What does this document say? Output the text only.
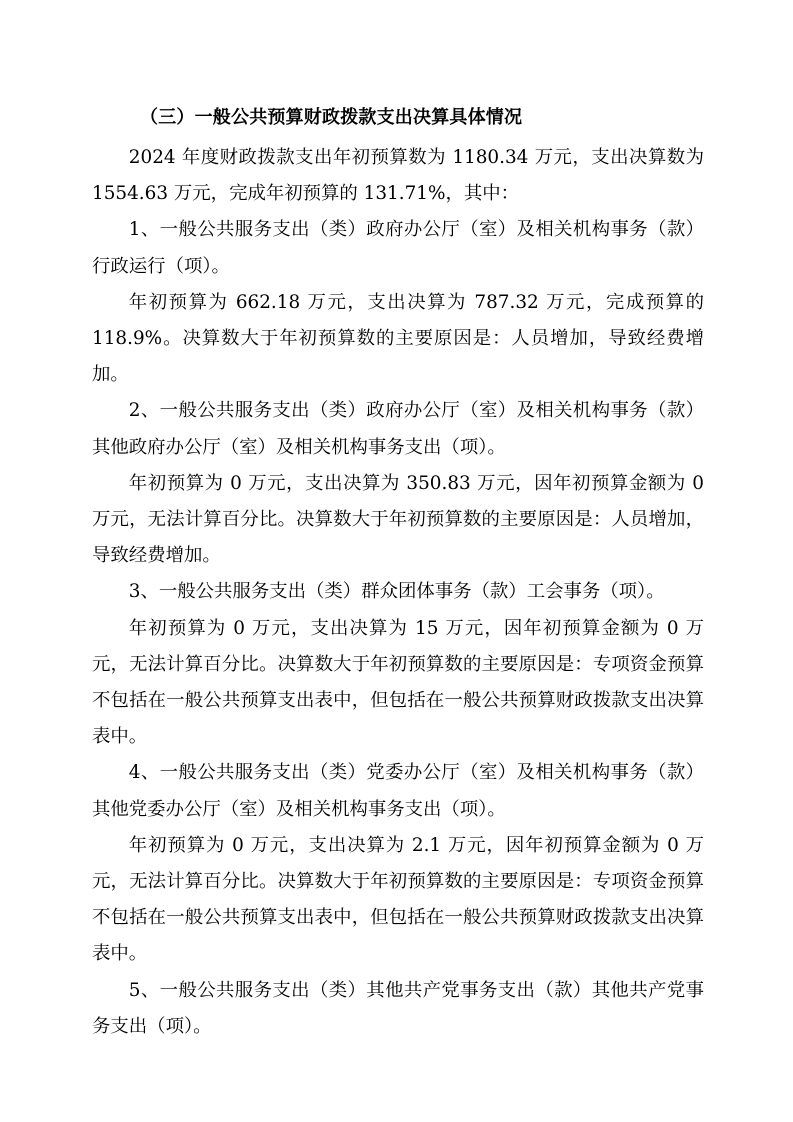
（三）一般公共预算财政拨款支出决算具体情况

2024 年度财政拨款支出年初预算数为 1180.34 万元，支出决算数为 1554.63 万元，完成年初预算的 131.71%，其中：

1、一般公共服务支出（类）政府办公厅（室）及相关机构事务（款）行政运行（项）。

年初预算为 662.18 万元，支出决算为 787.32 万元，完成预算的 118.9%。决算数大于年初预算数的主要原因是：人员增加，导致经费增加。

2、一般公共服务支出（类）政府办公厅（室）及相关机构事务（款）其他政府办公厅（室）及相关机构事务支出（项）。

年初预算为 0 万元，支出决算为 350.83 万元，因年初预算金额为 0 万元，无法计算百分比。决算数大于年初预算数的主要原因是：人员增加，导致经费增加。

3、一般公共服务支出（类）群众团体事务（款）工会事务（项）。

年初预算为 0 万元，支出决算为 15 万元，因年初预算金额为 0 万元，无法计算百分比。决算数大于年初预算数的主要原因是：专项资金预算不包括在一般公共预算支出表中，但包括在一般公共预算财政拨款支出决算表中。

4、一般公共服务支出（类）党委办公厅（室）及相关机构事务（款）其他党委办公厅（室）及相关机构事务支出（项）。

年初预算为 0 万元，支出决算为 2.1 万元，因年初预算金额为 0 万元，无法计算百分比。决算数大于年初预算数的主要原因是：专项资金预算不包括在一般公共预算支出表中，但包括在一般公共预算财政拨款支出决算表中。

5、一般公共服务支出（类）其他共产党事务支出（款）其他共产党事务支出（项）。
